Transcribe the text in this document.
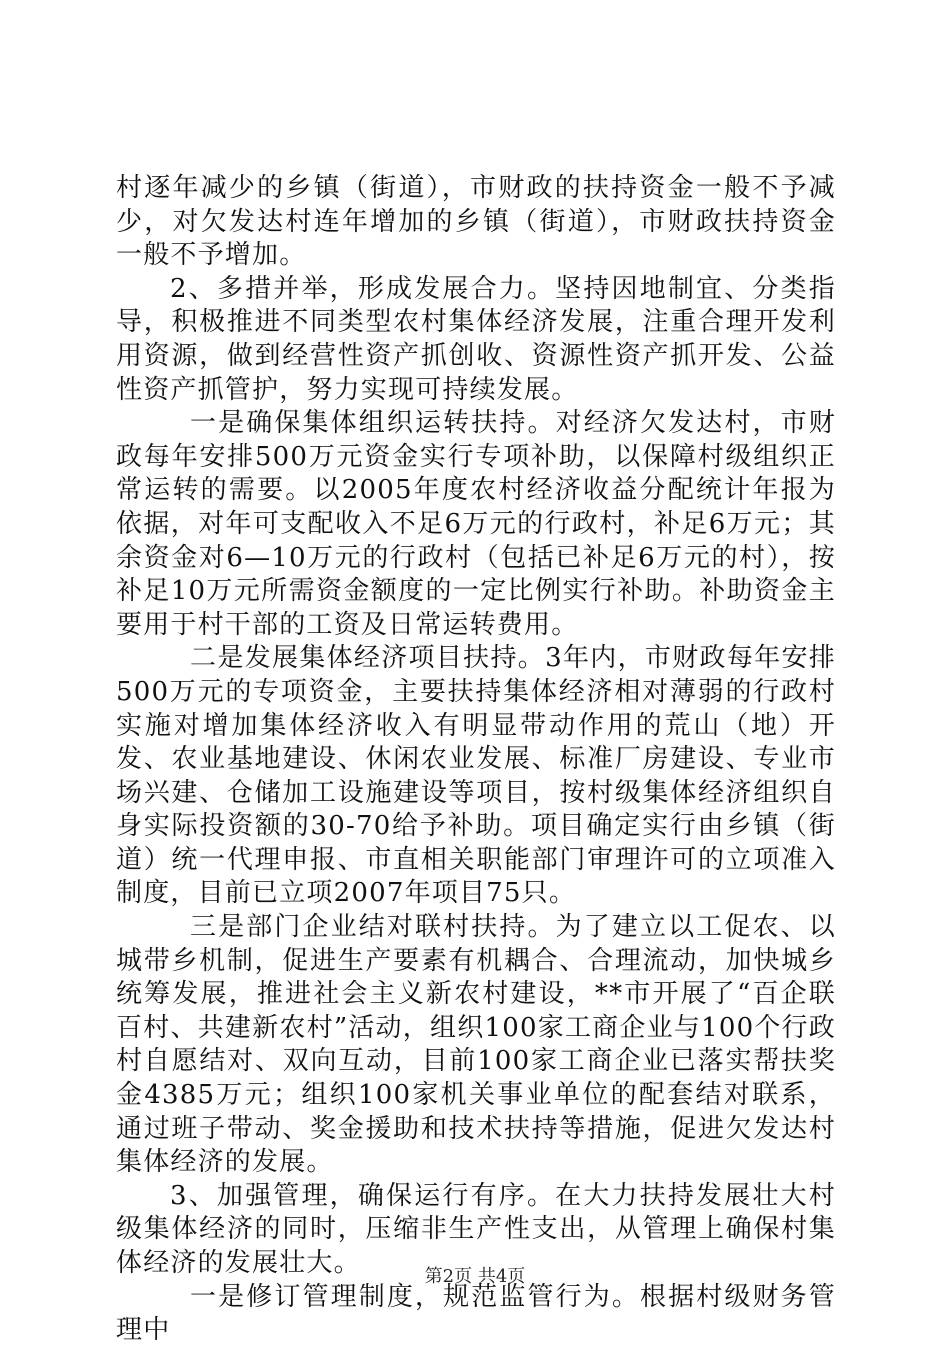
村逐年减少的乡镇（街道），市财政的扶持资金一般不予减少，对欠发达村连年增加的乡镇（街道），市财政扶持资金一般不予增加。

2、多措并举，形成发展合力。坚持因地制宜、分类指导，积极推进不同类型农村集体经济发展，注重合理开发利用资源，做到经营性资产抓创收、资源性资产抓开发、公益性资产抓管护，努力实现可持续发展。

一是确保集体组织运转扶持。对经济欠发达村，市财政每年安排500万元资金实行专项补助，以保障村级组织正常运转的需要。以2005年度农村经济收益分配统计年报为依据，对年可支配收入不足6万元的行政村，补足6万元；其余资金对6—10万元的行政村（包括已补足6万元的村），按补足10万元所需资金额度的一定比例实行补助。补助资金主要用于村干部的工资及日常运转费用。

二是发展集体经济项目扶持。3年内，市财政每年安排500万元的专项资金，主要扶持集体经济相对薄弱的行政村实施对增加集体经济收入有明显带动作用的荒山（地）开发、农业基地建设、休闲农业发展、标准厂房建设、专业市场兴建、仓储加工设施建设等项目，按村级集体经济组织自身实际投资额的30-70给予补助。项目确定实行由乡镇（街道）统一代理申报、市直相关职能部门审理许可的立项准入制度，目前已立项2007年项目75只。

三是部门企业结对联村扶持。为了建立以工促农、以城带乡机制，促进生产要素有机耦合、合理流动，加快城乡统筹发展，推进社会主义新农村建设，**市开展了“百企联百村、共建新农村”活动，组织100家工商企业与100个行政村自愿结对、双向互动，目前100家工商企业已落实帮扶奖金4385万元；组织100家机关事业单位的配套结对联系，通过班子带动、奖金援助和技术扶持等措施，促进欠发达村集体经济的发展。

3、加强管理，确保运行有序。在大力扶持发展壮大村级集体经济的同时，压缩非生产性支出，从管理上确保村集体经济的发展壮大。

一是修订管理制度，规范监管行为。根据村级财务管理中

第2页 共4页
